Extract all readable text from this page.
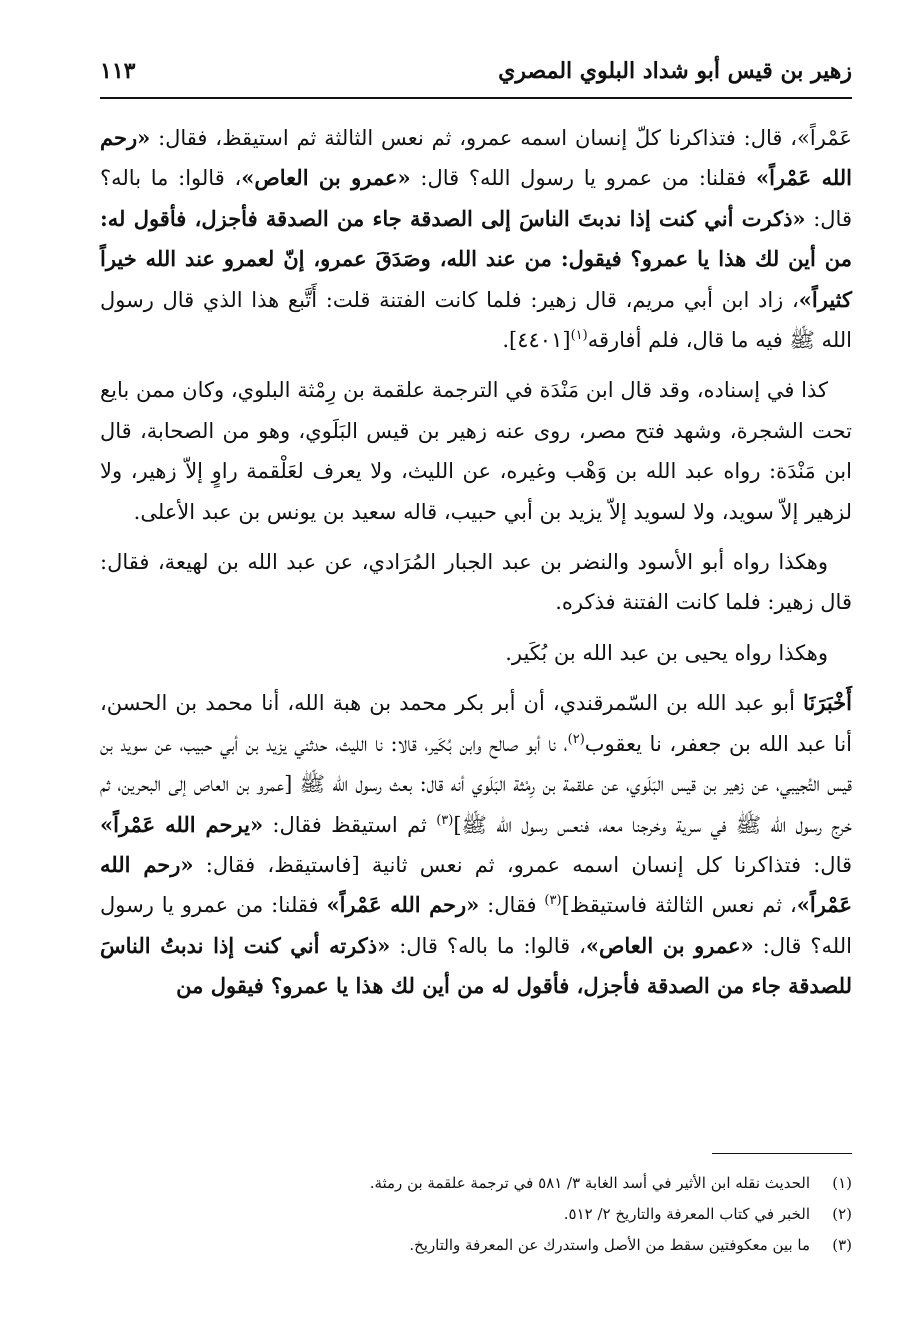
زهير بن قيس أبو شداد البلوي المصري
١١٣

عَمْراً»، قال: فتذاكرنا كلّ إنسان اسمه عمرو، ثم نعس الثالثة ثم استيقظ، فقال: «رحم الله عَمْراً» فقلنا: من عمرو يا رسول الله؟ قال: «عمرو بن العاص»، قالوا: ما باله؟ قال: «ذكرت أني كنت إذا ندبتَ الناسَ إلى الصدقة جاء من الصدقة فأجزل، فأقول له: من أين لك هذا يا عمرو؟ فيقول: من عند الله، وصَدَقَ عمرو، إنّ لعمرو عند الله خيراً كثيراً»، زاد ابن أبي مريم، قال زهير: فلما كانت الفتنة قلت: أَتَّبع هذا الذي قال رسول الله ﷺ فيه ما قال، فلم أفارقه$^{(١)}$[٤٤٠١].

كذا في إسناده، وقد قال ابن مَنْدَة في الترجمة علقمة بن رِمْثة البلوي، وكان ممن بايع تحت الشجرة، وشهد فتح مصر، روى عنه زهير بن قيس البَلَوي، وهو من الصحابة، قال ابن مَنْدَة: رواه عبد الله بن وَهْب وغيره، عن الليث، ولا يعرف لعَلْقمة راوٍ إلاّ زهير، ولا لزهير إلاّ سويد، ولا لسويد إلاّ يزيد بن أبي حبيب، قاله سعيد بن يونس بن عبد الأعلى.

وهكذا رواه أبو الأسود والنضر بن عبد الجبار المُرَادي، عن عبد الله بن لهيعة، فقال: قال زهير: فلما كانت الفتنة فذكره.

وهكذا رواه يحيى بن عبد الله بن بُكَير.

أَخْبَرَنَا أبو عبد الله بن السّمرقندي، أن أبر بكر محمد بن هبة الله، أنا محمد بن الحسن، أنا عبد الله بن جعفر، نا يعقوب$^{(٢)}$، نا أبو صالح وابن بُكَير، قالا: نا الليث، حدثني يزيد بن أبي حبيب، عن سويد بن قيس التُجيبي، عن زهير بن قيس البَلَوي، عن علقمة بن رِمْثة البَلَوي أنه قال: بعث رسول الله ﷺ [عمرو بن العاص إلى البحرين، ثم خرج رسول الله ﷺ في سرية وخرجنا معه، فنعس رسول الله ﷺ]$^{(٣)}$ ثم استيقظ فقال: «يرحم الله عَمْراً» قال: فتذاكرنا كل إنسان اسمه عمرو، ثم نعس ثانية [فاستيقظ، فقال: «رحم الله عَمْراً»، ثم نعس الثالثة فاستيقظ]$^{(٣)}$ فقال: «رحم الله عَمْراً» فقلنا: من عمرو يا رسول الله؟ قال: «عمرو بن العاص»، قالوا: ما باله؟ قال: «ذكرته أني كنت إذا ندبتُ الناسَ للصدقة جاء من الصدقة فأجزل، فأقول له من أين لك هذا يا عمرو؟ فيقول من

(١)الحديث نقله ابن الأثير في أسد الغابة ٣/ ٥٨١ في ترجمة علقمة بن رمثة.
(٢)الخبر في كتاب المعرفة والتاريخ ٢/ ٥١٢.
(٣)ما بين معكوفتين سقط من الأصل واستدرك عن المعرفة والتاريخ.
